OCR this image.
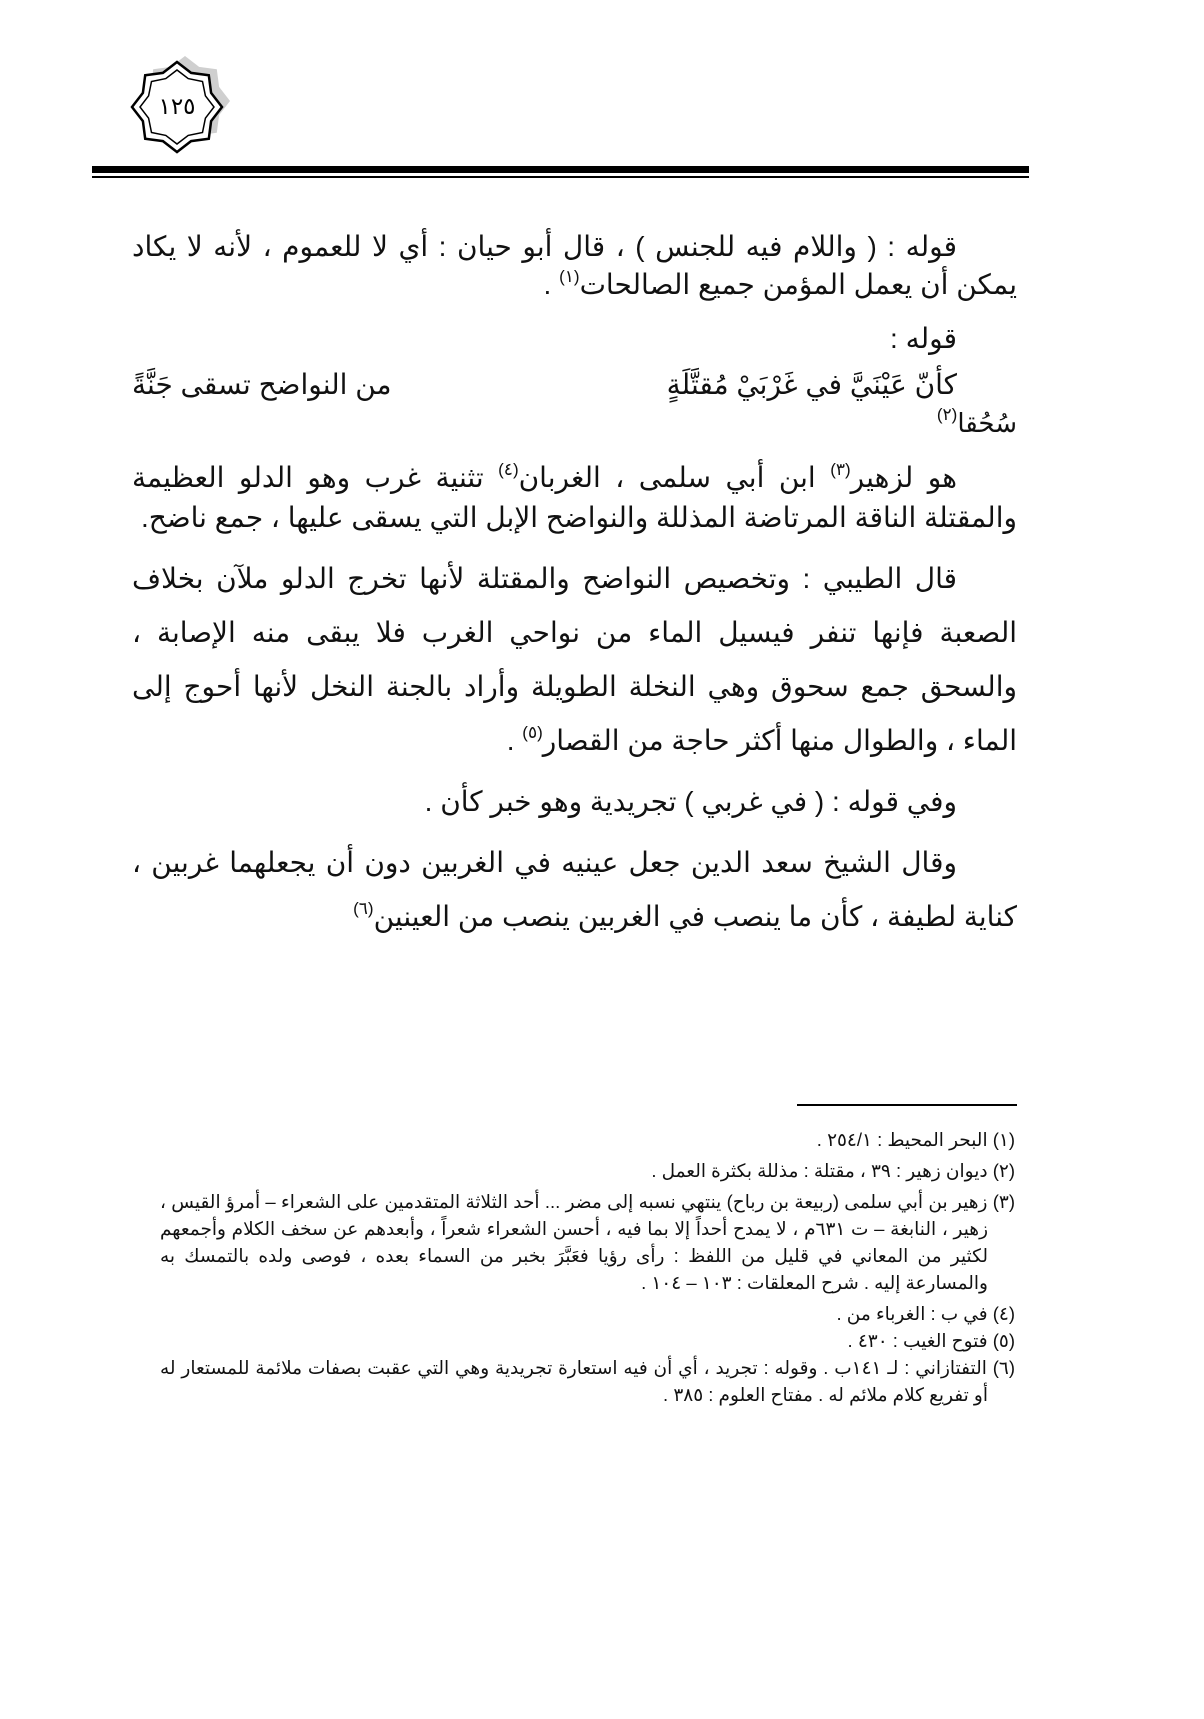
١٢٥

قوله : ( واللام فيه للجنس ) ، قال أبو حيان : أي لا للعموم ، لأنه لا يكاد يمكن أن يعمل المؤمن جميع الصالحات$^{(١)}$ .

قوله :

كأنّ عَيْنَيَّ في غَرْبَيْ مُقتَّلَةٍ
من النواضح تسقى جَنَّةً
سُحُقا$^{(٢)}$

هو لزهير$^{(٣)}$ ابن أبي سلمى ، الغربان$^{(٤)}$ تثنية غرب وهو الدلو العظيمة والمقتلة الناقة المرتاضة المذللة والنواضح الإبل التي يسقى عليها ، جمع ناضح.

قال الطيبي : وتخصيص النواضح والمقتلة لأنها تخرج الدلو ملآن بخلاف الصعبة فإنها تنفر فيسيل الماء من نواحي الغرب فلا يبقى منه الإصابة ، والسحق جمع سحوق وهي النخلة الطويلة وأراد بالجنة النخل لأنها أحوج إلى الماء ، والطوال منها أكثر حاجة من القصار$^{(٥)}$ .

وفي قوله : ( في غربي ) تجريدية وهو خبر كأن .

وقال الشيخ سعد الدين جعل عينيه في الغربين دون أن يجعلهما غربين ، كناية لطيفة ، كأن ما ينصب في الغربين ينصب من العينين$^{(٦)}$

(١) البحر المحيط : ٢٥٤/١ .

(٢) ديوان زهير : ٣٩ ، مقتلة : مذللة بكثرة العمل .

(٣) زهير بن أبي سلمى (ربيعة بن رباح) ينتهي نسبه إلى مضر ... أحد الثلاثة المتقدمين على الشعراء – أمرؤ القيس ، زهير ، النابغة – ت ٦٣١م ، لا يمدح أحداً إلا بما فيه ، أحسن الشعراء شعراً ، وأبعدهم عن سخف الكلام وأجمعهم لكثير من المعاني في قليل من اللفظ : رأى رؤيا فعَبَّرَ بخبر من السماء بعده ، فوصى ولده بالتمسك به والمسارعة إليه . شرح المعلقات : ١٠٣ – ١٠٤ .

(٤) في ب : الغرباء من .

(٥) فتوح الغيب : ٤٣٠ .

(٦) التفتازاني : لـ ١٤١ب . وقوله : تجريد ، أي أن فيه استعارة تجريدية وهي التي عقبت بصفات ملائمة للمستعار له أو تفريع كلام ملائم له . مفتاح العلوم : ٣٨٥ .
